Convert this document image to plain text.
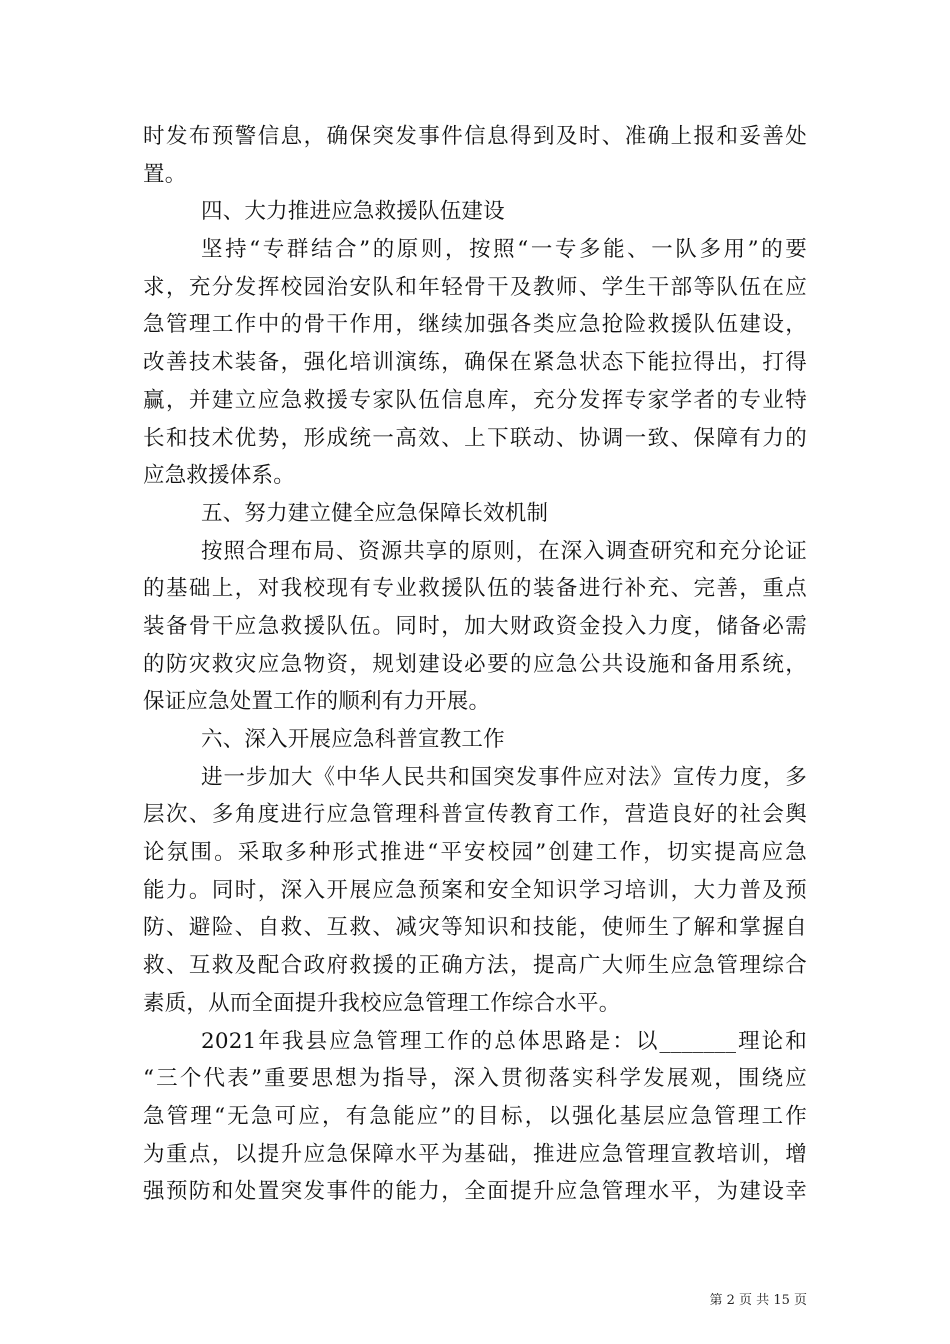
时发布预警信息，确保突发事件信息得到及时、准确上报和妥善处
置。
四、大力推进应急救援队伍建设
坚持“专群结合”的原则，按照“一专多能、一队多用”的要
求，充分发挥校园治安队和年轻骨干及教师、学生干部等队伍在应
急管理工作中的骨干作用，继续加强各类应急抢险救援队伍建设，
改善技术装备，强化培训演练，确保在紧急状态下能拉得出，打得
赢，并建立应急救援专家队伍信息库，充分发挥专家学者的专业特
长和技术优势，形成统一高效、上下联动、协调一致、保障有力的
应急救援体系。
五、努力建立健全应急保障长效机制
按照合理布局、资源共享的原则，在深入调查研究和充分论证
的基础上，对我校现有专业救援队伍的装备进行补充、完善，重点
装备骨干应急救援队伍。同时，加大财政资金投入力度，储备必需
的防灾救灾应急物资，规划建设必要的应急公共设施和备用系统，
保证应急处置工作的顺利有力开展。
六、深入开展应急科普宣教工作
进一步加大《中华人民共和国突发事件应对法》宣传力度，多
层次、多角度进行应急管理科普宣传教育工作，营造良好的社会舆
论氛围。采取多种形式推进“平安校园”创建工作，切实提高应急
能力。同时，深入开展应急预案和安全知识学习培训，大力普及预
防、避险、自救、互救、减灾等知识和技能，使师生了解和掌握自
救、互救及配合政府救援的正确方法，提高广大师生应急管理综合
素质，从而全面提升我校应急管理工作综合水平。
2021年我县应急管理工作的总体思路是：以_______理论和
“三个代表”重要思想为指导，深入贯彻落实科学发展观，围绕应
急管理“无急可应，有急能应”的目标，以强化基层应急管理工作
为重点，以提升应急保障水平为基础，推进应急管理宣教培训，增
强预防和处置突发事件的能力，全面提升应急管理水平，为建设幸
第 2 页 共 15 页
